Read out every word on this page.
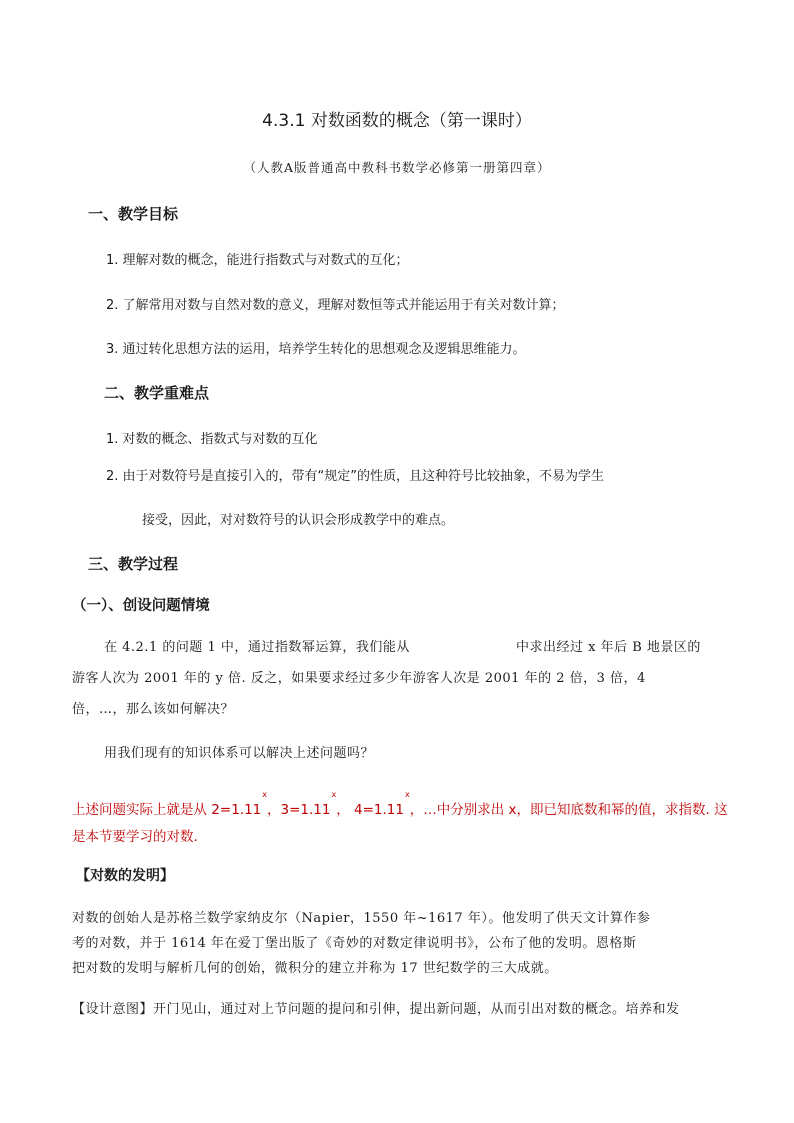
4.3.1 对数函数的概念（第一课时）
（人教A版普通高中教科书数学必修第一册第四章）
一、教学目标
1. 理解对数的概念，能进行指数式与对数式的互化；
2. 了解常用对数与自然对数的意义，理解对数恒等式并能运用于有关对数计算；
3. 通过转化思想方法的运用，培养学生转化的思想观念及逻辑思维能力。
二、教学重难点
1. 对数的概念、指数式与对数的互化
2. 由于对数符号是直接引入的，带有“规定”的性质，且这种符号比较抽象，不易为学生
接受，因此，对对数符号的认识会形成教学中的难点。
三、教学过程
（一）、创设问题情境
在 4.2.1 的问题 1 中，通过指数幂运算，我们能从	中求出经过 x 年后 B 地景区的
游客人次为 2001 年的 y 倍. 反之，如果要求经过多少年游客人次是 2001 年的 2 倍，3 倍，4
倍，…，那么该如何解决？
用我们现有的知识体系可以解决上述问题吗？
上述问题实际上就是从 $2=1.11^x$，$3=1.11^x$， $4=1.11^x$，…中分别求出 x，即已知底数和幂的值，求指数. 这
是本节要学习的对数.
【对数的发明】
对数的创始人是苏格兰数学家纳皮尔（Napier，1550 年~1617 年）。他发明了供天文计算作参
考的对数，并于 1614 年在爱丁堡出版了《奇妙的对数定律说明书》，公布了他的发明。恩格斯
把对数的发明与解析几何的创始，微积分的建立并称为 17 世纪数学的三大成就。
【设计意图】开门见山，通过对上节问题的提问和引伸，提出新问题，从而引出对数的概念。培养和发
